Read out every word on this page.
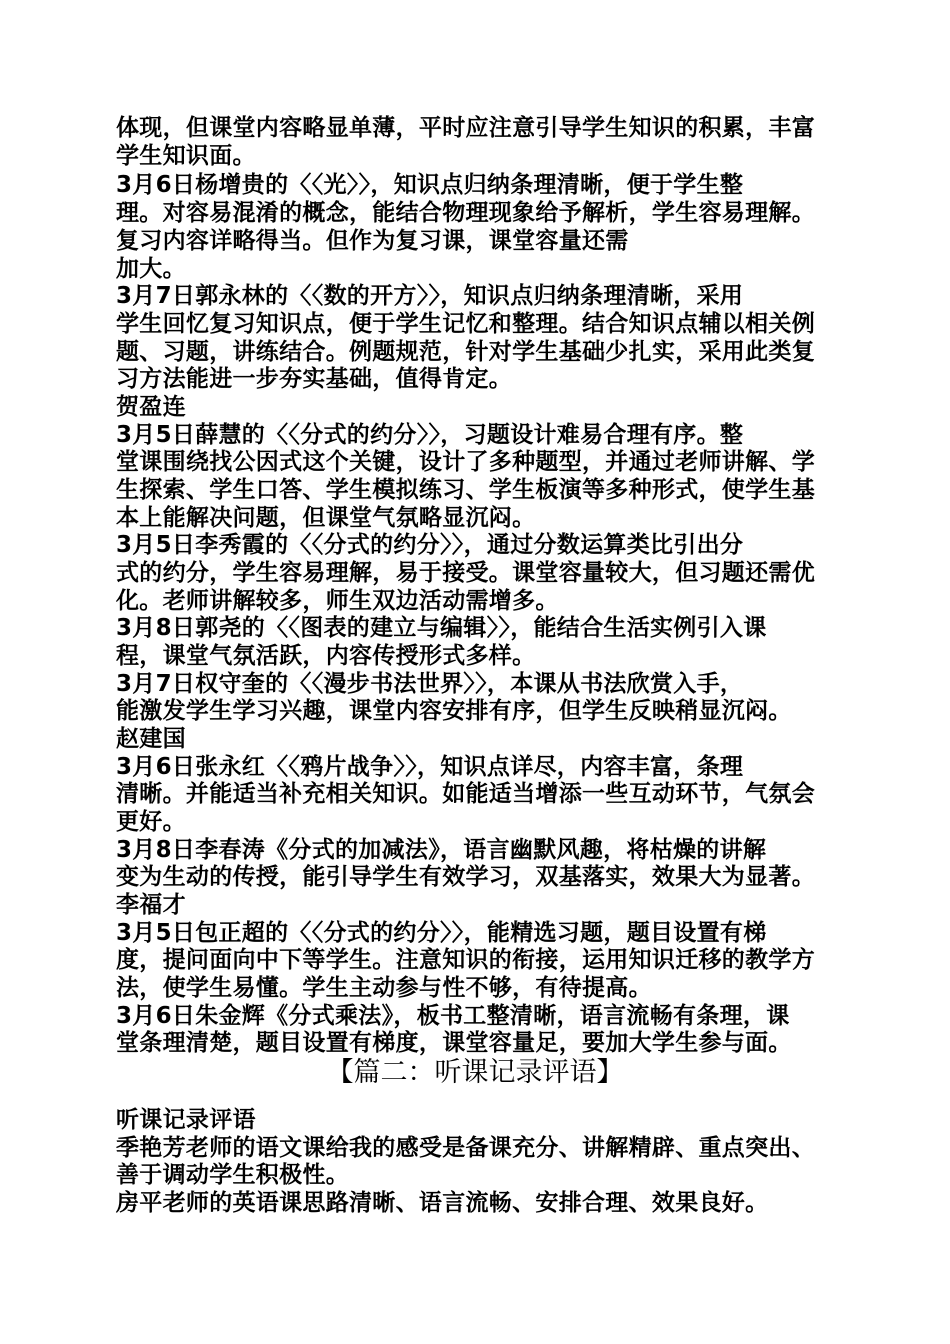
体现，但课堂内容略显单薄，平时应注意引导学生知识的积累，丰富
学生知识面。
3月6日杨增贵的〈〈光〉〉，知识点归纳条理清晰，便于学生整
理。对容易混淆的概念，能结合物理现象给予解析，学生容易理解。
复习内容详略得当。但作为复习课，课堂容量还需
加大。
3月7日郭永林的〈〈数的开方〉〉，知识点归纳条理清晰，采用
学生回忆复习知识点，便于学生记忆和整理。结合知识点辅以相关例
题、习题，讲练结合。例题规范，针对学生基础少扎实，采用此类复
习方法能进一步夯实基础，值得肯定。
贺盈连
3月5日薛慧的〈〈分式的约分〉〉，习题设计难易合理有序。整
堂课围绕找公因式这个关键，设计了多种题型，并通过老师讲解、学
生探索、学生口答、学生模拟练习、学生板演等多种形式，使学生基
本上能解决问题，但课堂气氛略显沉闷。
3月5日李秀霞的〈〈分式的约分〉〉，通过分数运算类比引出分
式的约分，学生容易理解，易于接受。课堂容量较大，但习题还需优
化。老师讲解较多，师生双边活动需增多。
3月8日郭尧的〈〈图表的建立与编辑〉〉，能结合生活实例引入课
程，课堂气氛活跃，内容传授形式多样。
3月7日权守奎的〈〈漫步书法世界〉〉，本课从书法欣赏入手，
能激发学生学习兴趣，课堂内容安排有序，但学生反映稍显沉闷。
赵建国
3月6日张永红〈〈鸦片战争〉〉，知识点详尽，内容丰富，条理
清晰。并能适当补充相关知识。如能适当增添一些互动环节，气氛会
更好。
3月8日李春涛《分式的加减法》，语言幽默风趣，将枯燥的讲解
变为生动的传授，能引导学生有效学习，双基落实，效果大为显著。
李福才
3月5日包正超的〈〈分式的约分〉〉，能精选习题，题目设置有梯
度，提问面向中下等学生。注意知识的衔接，运用知识迁移的教学方
法，使学生易懂。学生主动参与性不够，有待提高。
3月6日朱金辉《分式乘法》，板书工整清晰，语言流畅有条理，课
堂条理清楚，题目设置有梯度，课堂容量足，要加大学生参与面。
【篇二：听课记录评语】
听课记录评语
季艳芳老师的语文课给我的感受是备课充分、讲解精辟、重点突出、
善于调动学生积极性。
房平老师的英语课思路清晰、语言流畅、安排合理、效果良好。
